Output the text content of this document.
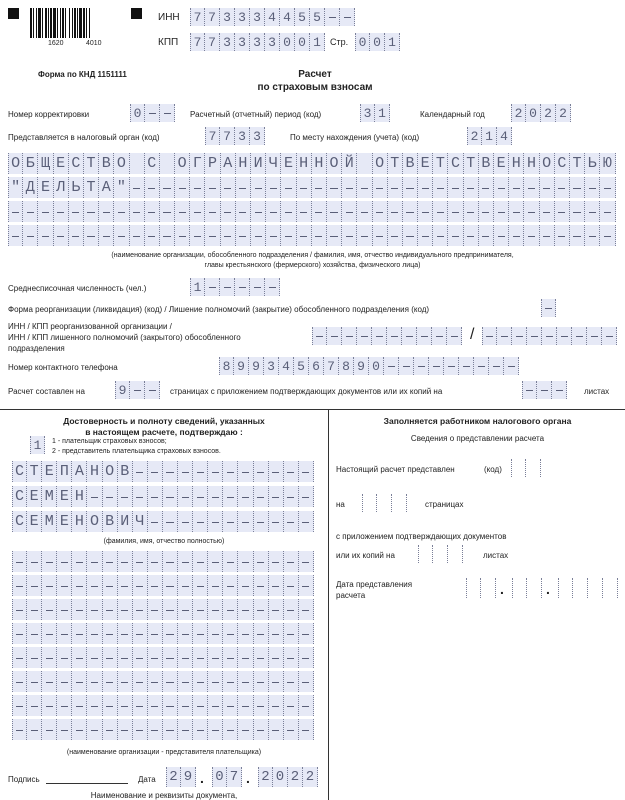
1620	4010
ИНН 7 7 3 3 3 4 4 5 5
КПП 7 7 3 3 3 3 0 0 1	Стр. 0 0 1
Форма по КНД 1151111	Расчет
по страховым взносам
Номер корректировки	0	Расчетный (отчетный) период (код)	3 1	Календарный год 2 0 2 2
Представляется в налоговый орган (код)	7 7 3 3	По месту нахождения (учета) (код)	2 1 4
О Б Щ Е С Т В О С О Г Р А Н И Ч Е Н Н О Й О Т В Е Т С Т В Е Н Н О С Т Ь Ю
" Д Е Л Ь Т А "
(наименование организации, обособленного подразделения / фамилия, имя, отчество индивидуального предпринимателя,
главы крестьянского (фермерского) хозяйства, физического лица)
Среднесписочная численность (чел.)	1
Форма реорганизации (ликвидация) (код) / Лишение полномочий (закрытие) обособленного подразделения (код)
ИНН / КПП реорганизованной организации /
ИНН / КПП лишенного полномочий (закрытого) обособленного
подразделения
/
Номер контактного телефона	8 9 9 3 4 5 6 7 8 9 0
Расчет составлен на	9	страницах с приложением подтверждающих документов или их копий на	листах
Достоверность и полноту сведений, указанных
в настоящем расчете, подтверждаю :
1	1 - плательщик страховых взносов;
2 - представитель плательщика страховых взносов.
С Т Е П А Н О В
С Е М Е Н
С Е М Е Н О В И Ч
(фамилия, имя, отчество полностью)
(наименование организации - представителя плательщика)
Подпись	Дата 2 9 . 0 7 . 2 0 2 2
Наименование и реквизиты документа,
Заполняется работником налогового органа
Сведения о представлении расчета
Настоящий расчет представлен	(код)
на	страницах
с приложением подтверждающих документов
или их копий на	листах
Дата представления
расчета	.	.
